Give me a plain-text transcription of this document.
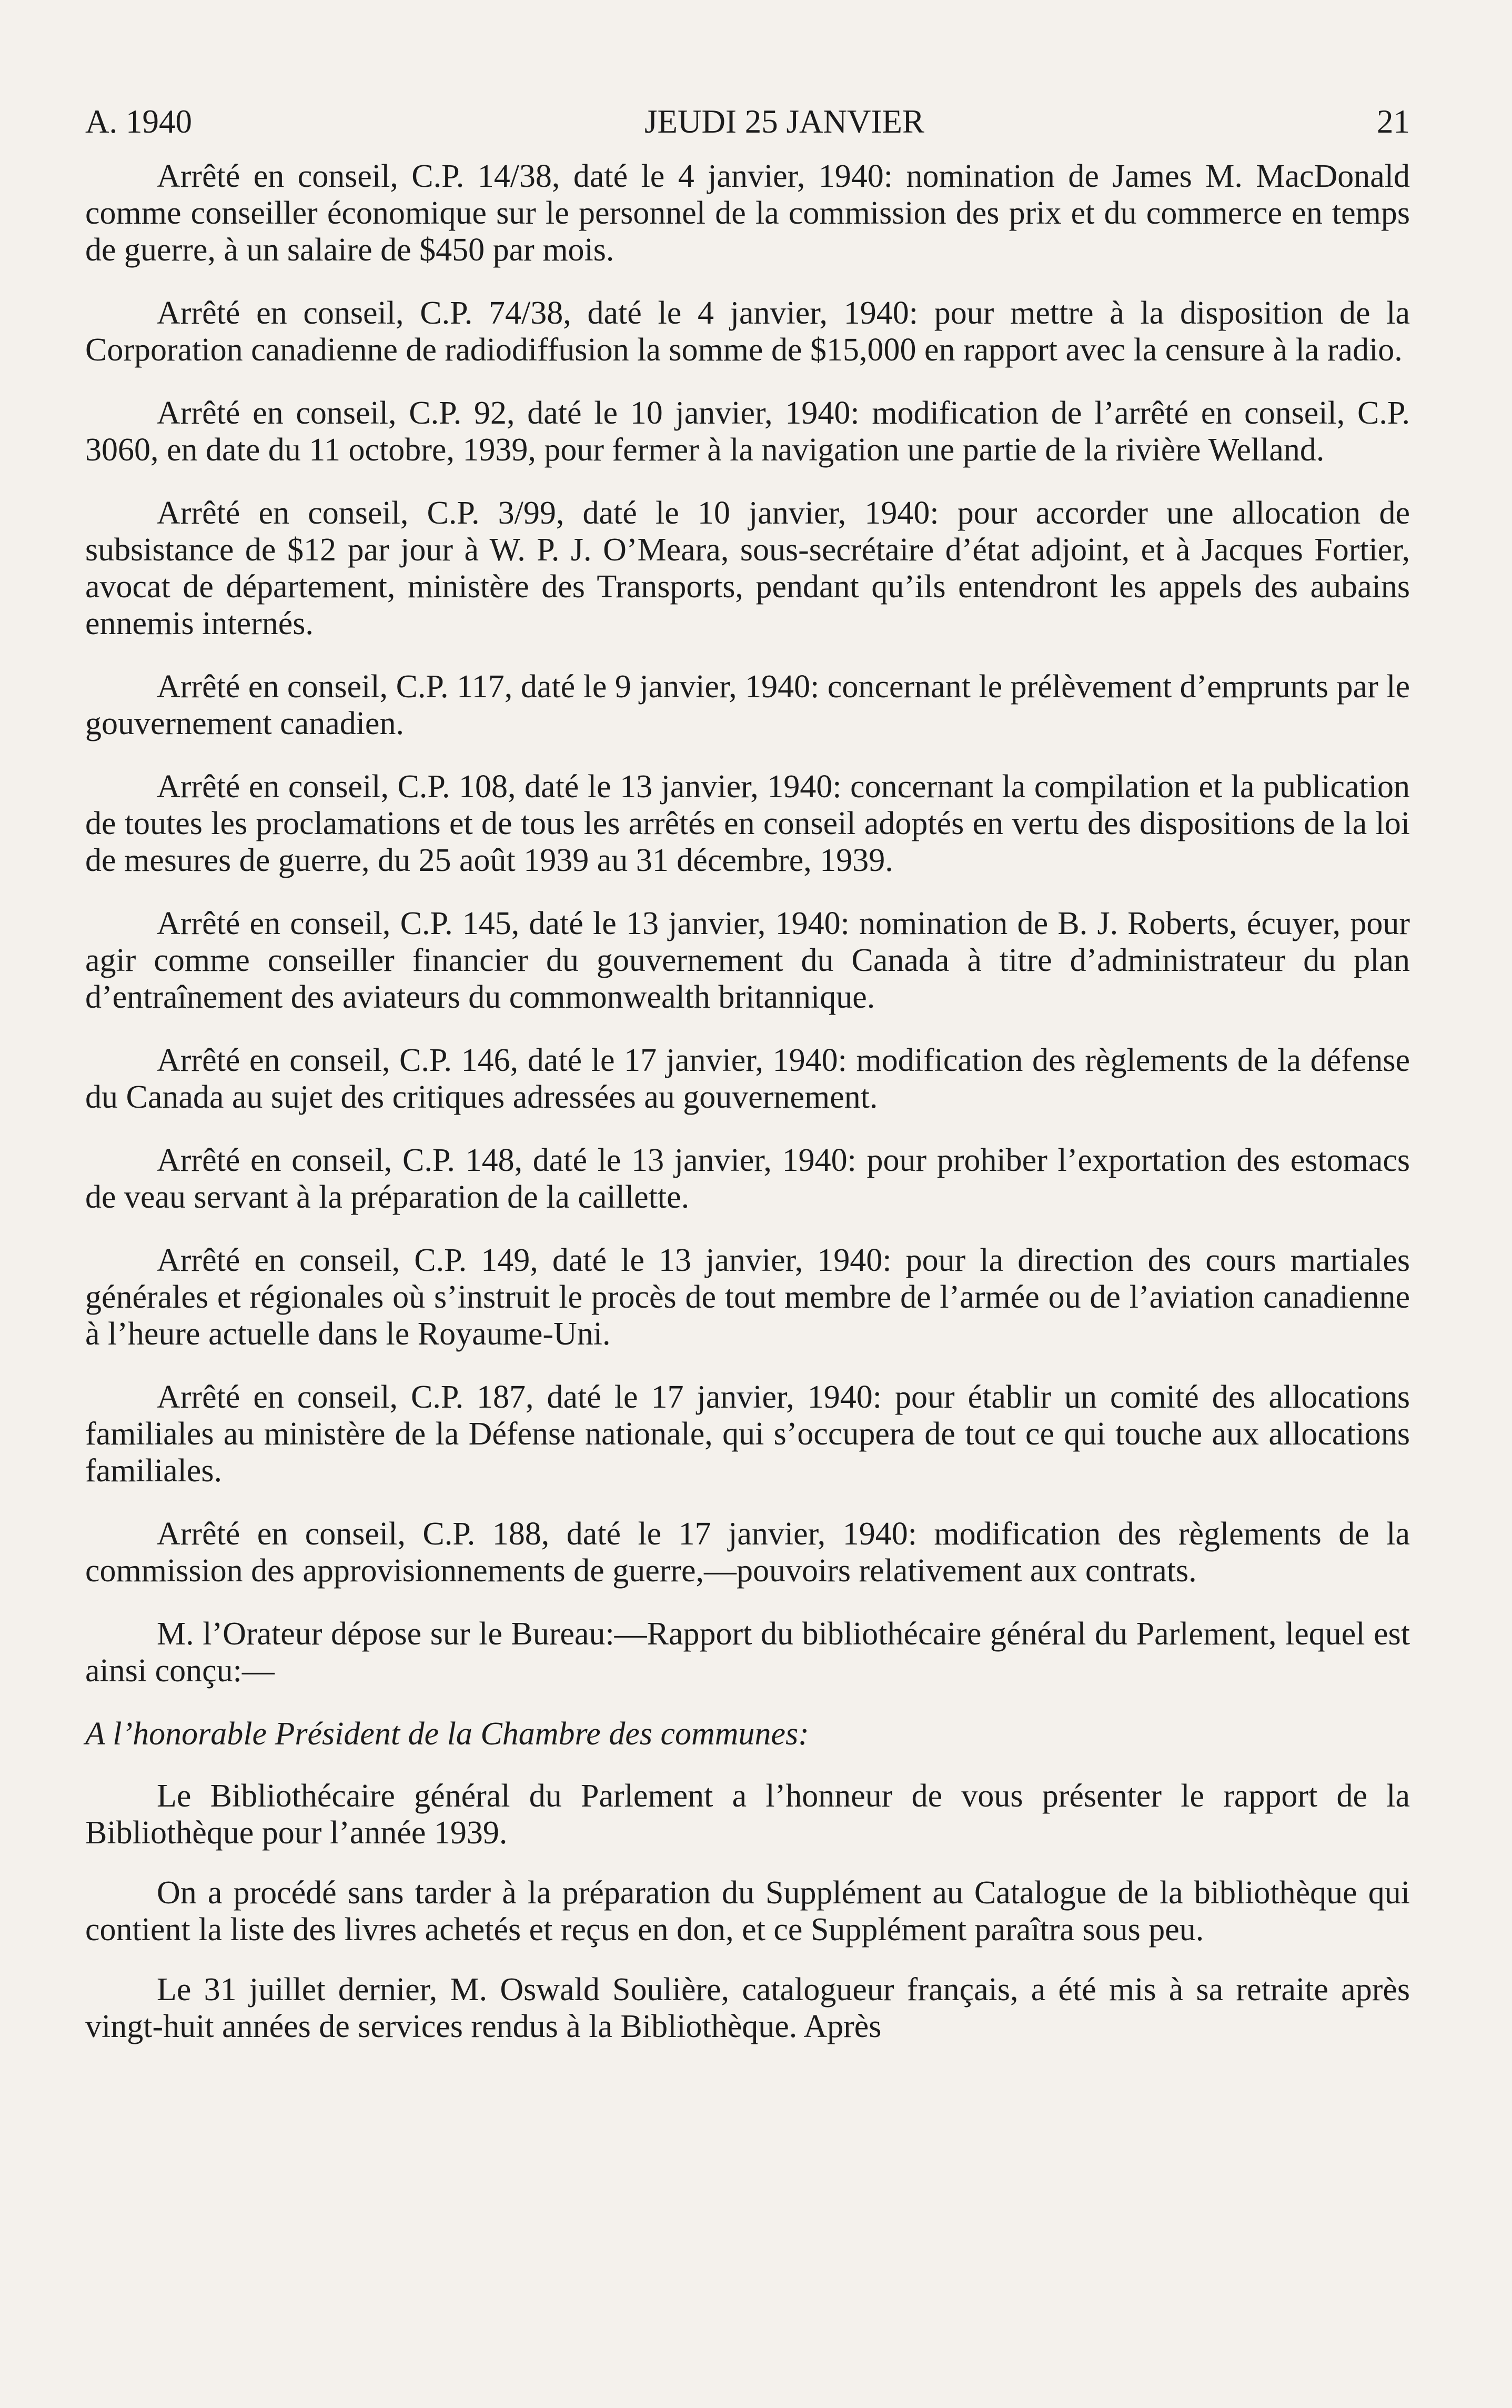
A. 1940	JEUDI 25 JANVIER	21

Arrêté en conseil, C.P. 14/38, daté le 4 janvier, 1940: nomination de James M. MacDonald comme conseiller économique sur le personnel de la commission des prix et du commerce en temps de guerre, à un salaire de $450 par mois.

Arrêté en conseil, C.P. 74/38, daté le 4 janvier, 1940: pour mettre à la disposition de la Corporation canadienne de radiodiffusion la somme de $15,000 en rapport avec la censure à la radio.

Arrêté en conseil, C.P. 92, daté le 10 janvier, 1940: modification de l’arrêté en conseil, C.P. 3060, en date du 11 octobre, 1939, pour fermer à la navigation une partie de la rivière Welland.

Arrêté en conseil, C.P. 3/99, daté le 10 janvier, 1940: pour accorder une allocation de subsistance de $12 par jour à W. P. J. O’Meara, sous-secrétaire d’état adjoint, et à Jacques Fortier, avocat de département, ministère des Transports, pendant qu’ils entendront les appels des aubains ennemis internés.

Arrêté en conseil, C.P. 117, daté le 9 janvier, 1940: concernant le prélèvement d’emprunts par le gouvernement canadien.

Arrêté en conseil, C.P. 108, daté le 13 janvier, 1940: concernant la compilation et la publication de toutes les proclamations et de tous les arrêtés en conseil adoptés en vertu des dispositions de la loi de mesures de guerre, du 25 août 1939 au 31 décembre, 1939.

Arrêté en conseil, C.P. 145, daté le 13 janvier, 1940: nomination de B. J. Roberts, écuyer, pour agir comme conseiller financier du gouvernement du Canada à titre d’administrateur du plan d’entraînement des aviateurs du commonwealth britannique.

Arrêté en conseil, C.P. 146, daté le 17 janvier, 1940: modification des règlements de la défense du Canada au sujet des critiques adressées au gouvernement.

Arrêté en conseil, C.P. 148, daté le 13 janvier, 1940: pour prohiber l’exportation des estomacs de veau servant à la préparation de la caillette.

Arrêté en conseil, C.P. 149, daté le 13 janvier, 1940: pour la direction des cours martiales générales et régionales où s’instruit le procès de tout membre de l’armée ou de l’aviation canadienne à l’heure actuelle dans le Royaume-Uni.

Arrêté en conseil, C.P. 187, daté le 17 janvier, 1940: pour établir un comité des allocations familiales au ministère de la Défense nationale, qui s’occupera de tout ce qui touche aux allocations familiales.

Arrêté en conseil, C.P. 188, daté le 17 janvier, 1940: modification des règlements de la commission des approvisionnements de guerre,—pouvoirs relativement aux contrats.

M. l’Orateur dépose sur le Bureau:—Rapport du bibliothécaire général du Parlement, lequel est ainsi conçu:—

A l’honorable Président de la Chambre des communes:

Le Bibliothécaire général du Parlement a l’honneur de vous présenter le rapport de la Bibliothèque pour l’année 1939.

On a procédé sans tarder à la préparation du Supplément au Catalogue de la bibliothèque qui contient la liste des livres achetés et reçus en don, et ce Supplément paraîtra sous peu.

Le 31 juillet dernier, M. Oswald Soulière, catalogueur français, a été mis à sa retraite après vingt-huit années de services rendus à la Bibliothèque. Après
